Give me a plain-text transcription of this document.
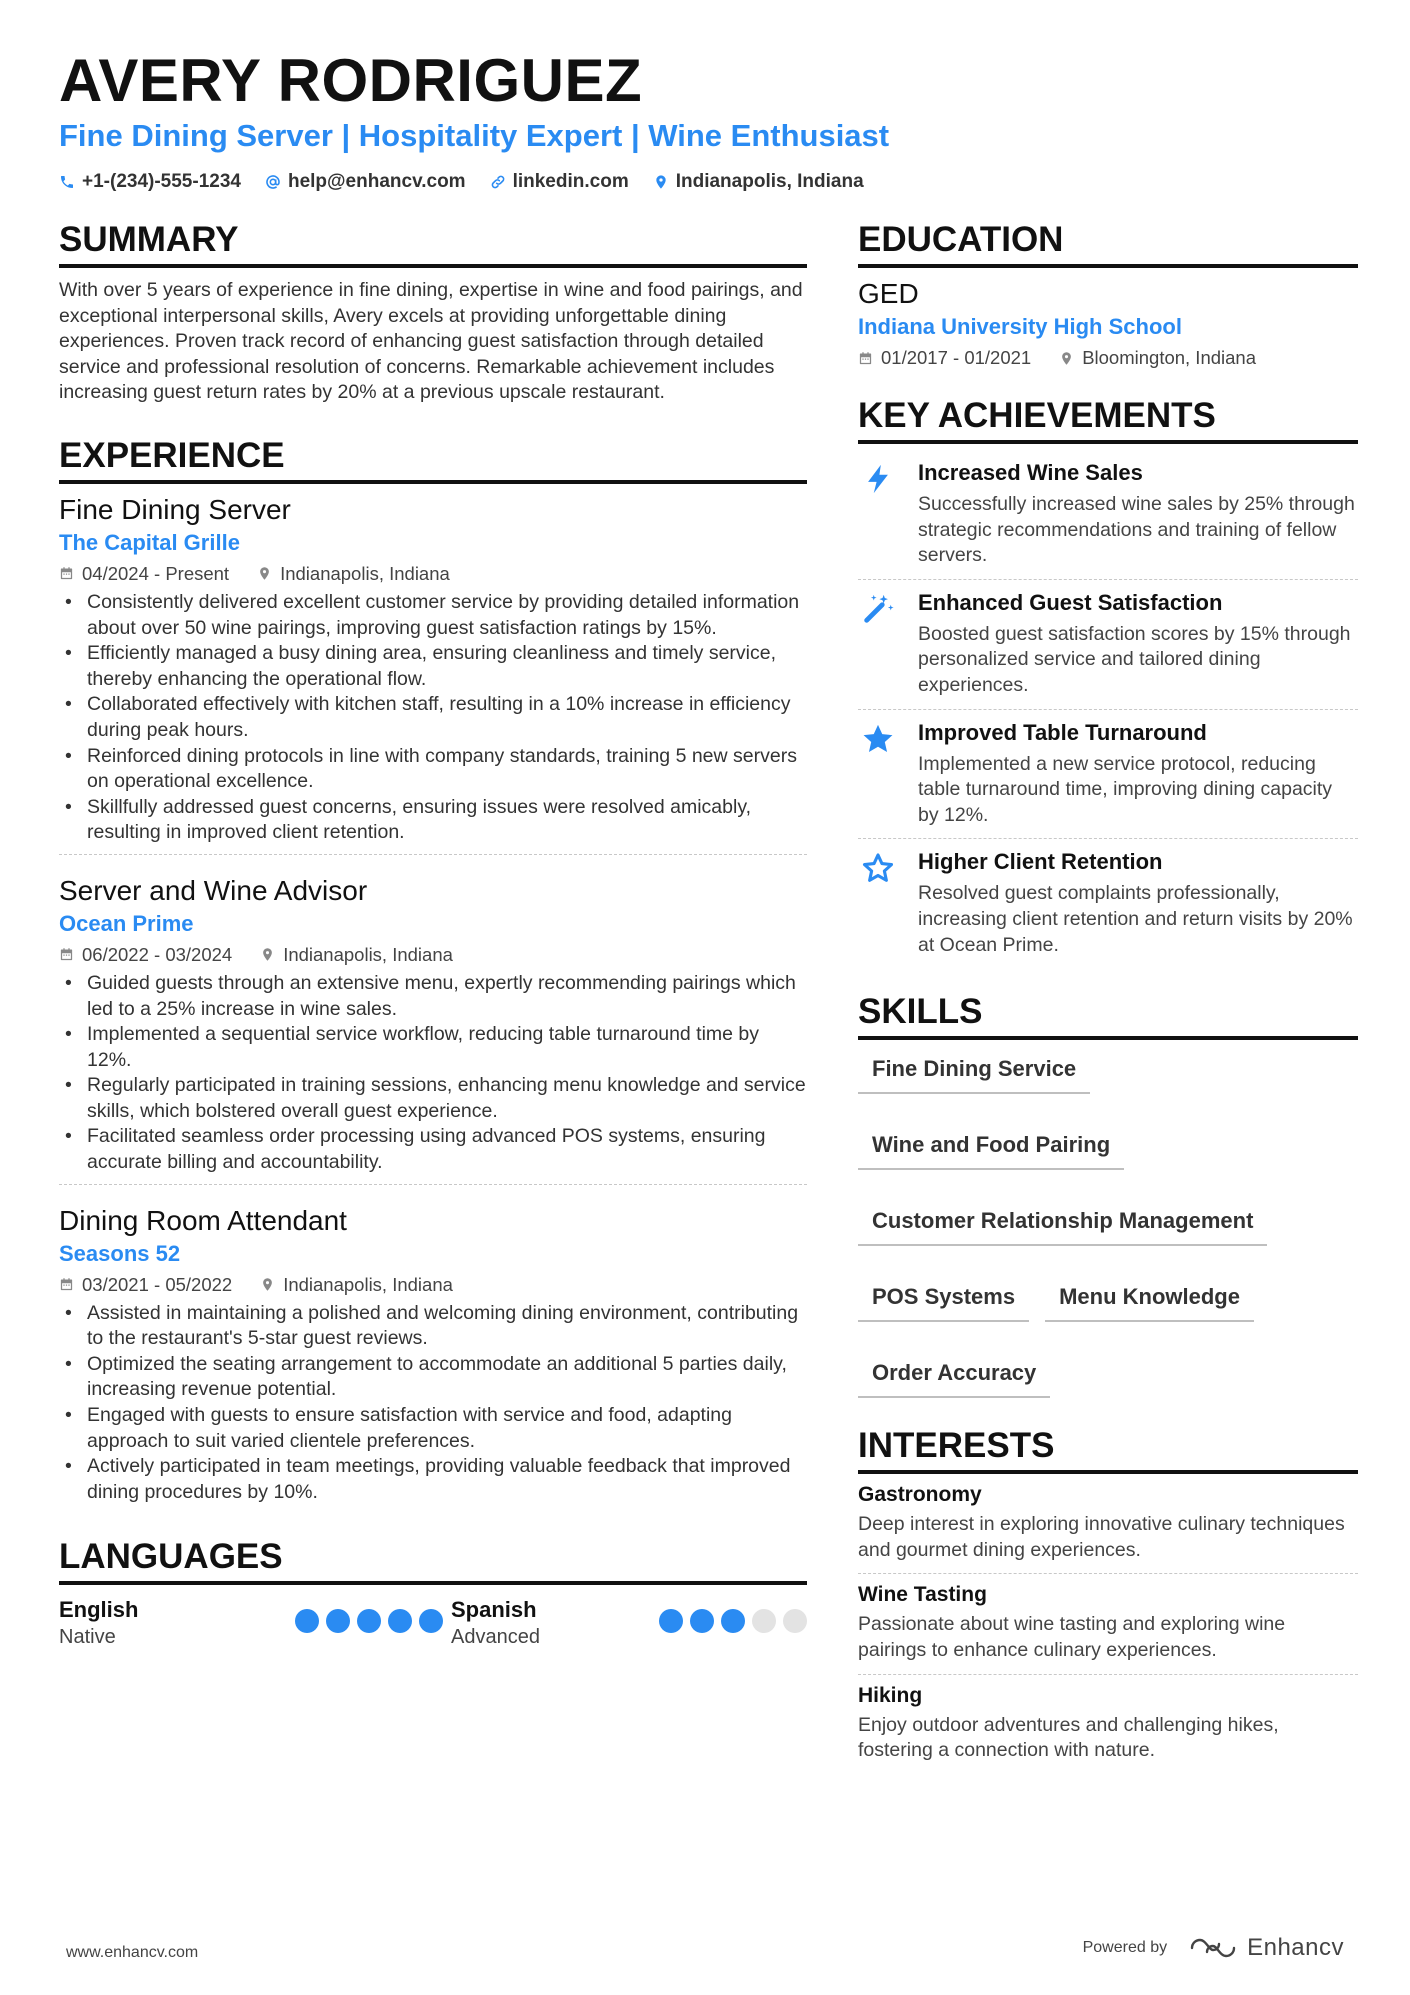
AVERY RODRIGUEZ
Fine Dining Server | Hospitality Expert | Wine Enthusiast
+1-(234)-555-1234 help@enhancv.com linkedin.com Indianapolis, Indiana
SUMMARY
With over 5 years of experience in fine dining, expertise in wine and food pairings, and exceptional interpersonal skills, Avery excels at providing unforgettable dining experiences. Proven track record of enhancing guest satisfaction through detailed service and professional resolution of concerns. Remarkable achievement includes increasing guest return rates by 20% at a previous upscale restaurant.
EXPERIENCE
Fine Dining Server
The Capital Grille
04/2024 - Present	Indianapolis, Indiana
• Consistently delivered excellent customer service by providing detailed information about over 50 wine pairings, improving guest satisfaction ratings by 15%.
• Efficiently managed a busy dining area, ensuring cleanliness and timely service, thereby enhancing the operational flow.
• Collaborated effectively with kitchen staff, resulting in a 10% increase in efficiency during peak hours.
• Reinforced dining protocols in line with company standards, training 5 new servers on operational excellence.
• Skillfully addressed guest concerns, ensuring issues were resolved amicably, resulting in improved client retention.
Server and Wine Advisor
Ocean Prime
06/2022 - 03/2024	Indianapolis, Indiana
• Guided guests through an extensive menu, expertly recommending pairings which led to a 25% increase in wine sales.
• Implemented a sequential service workflow, reducing table turnaround time by 12%.
• Regularly participated in training sessions, enhancing menu knowledge and service skills, which bolstered overall guest experience.
• Facilitated seamless order processing using advanced POS systems, ensuring accurate billing and accountability.
Dining Room Attendant
Seasons 52
03/2021 - 05/2022	Indianapolis, Indiana
• Assisted in maintaining a polished and welcoming dining environment, contributing to the restaurant's 5-star guest reviews.
• Optimized the seating arrangement to accommodate an additional 5 parties daily, increasing revenue potential.
• Engaged with guests to ensure satisfaction with service and food, adapting approach to suit varied clientele preferences.
• Actively participated in team meetings, providing valuable feedback that improved dining procedures by 10%.
LANGUAGES
English
Native
Spanish
Advanced
EDUCATION
GED
Indiana University High School
01/2017 - 01/2021	Bloomington, Indiana
KEY ACHIEVEMENTS
Increased Wine Sales
Successfully increased wine sales by 25% through strategic recommendations and training of fellow servers.
Enhanced Guest Satisfaction
Boosted guest satisfaction scores by 15% through personalized service and tailored dining experiences.
Improved Table Turnaround
Implemented a new service protocol, reducing table turnaround time, improving dining capacity by 12%.
Higher Client Retention
Resolved guest complaints professionally, increasing client retention and return visits by 20% at Ocean Prime.
SKILLS
Fine Dining Service
Wine and Food Pairing
Customer Relationship Management
POS Systems	Menu Knowledge
Order Accuracy
INTERESTS
Gastronomy
Deep interest in exploring innovative culinary techniques and gourmet dining experiences.
Wine Tasting
Passionate about wine tasting and exploring wine pairings to enhance culinary experiences.
Hiking
Enjoy outdoor adventures and challenging hikes, fostering a connection with nature.
www.enhancv.com	Powered by	Enhancv
